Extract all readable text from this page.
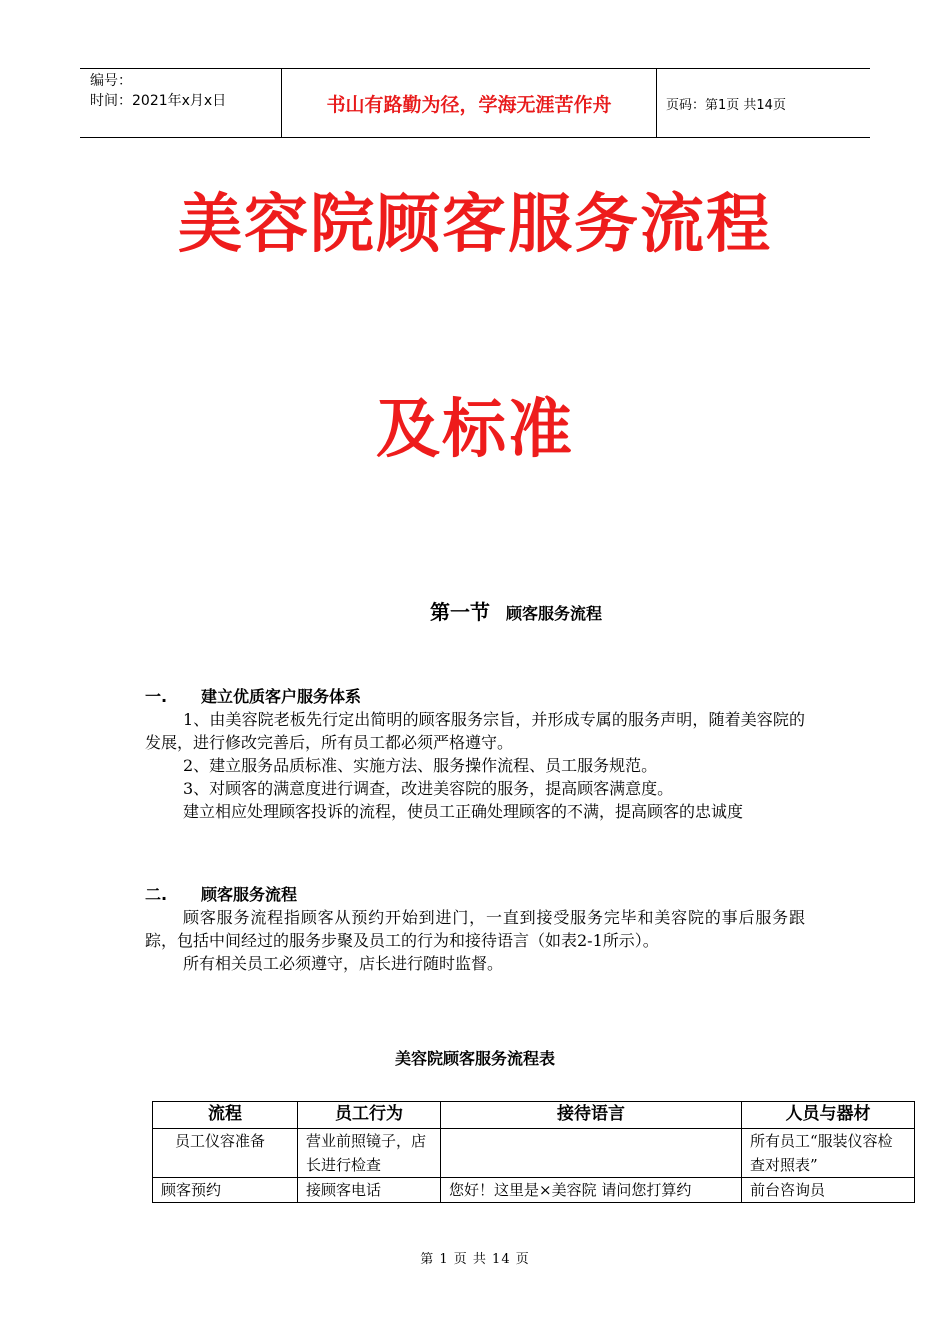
编号：
时间：2021年x月x日	书山有路勤为径，学海无涯苦作舟	页码：第1页 共14页
美容院顾客服务流程
及标准
第一节 顾客服务流程
一. 建立优质客户服务体系

1、由美容院老板先行定出简明的顾客服务宗旨，并形成专属的服务声明，随着美容院的发展，进行修改完善后，所有员工都必须严格遵守。

2、建立服务品质标准、实施方法、服务操作流程、员工服务规范。

3、对顾客的满意度进行调查，改进美容院的服务，提高顾客满意度。

建立相应处理顾客投诉的流程，使员工正确处理顾客的不满，提高顾客的忠诚度

二. 顾客服务流程

顾客服务流程指顾客从预约开始到进门，一直到接受服务完毕和美容院的事后服务跟踪，包括中间经过的服务步聚及员工的行为和接待语言（如表2-1所示）。

所有相关员工必须遵守，店长进行随时监督。

美容院顾客服务流程表
流程	员工行为	接待语言	人员与器材
员工仪容准备	营业前照镜子，店长进行检查		所有员工“服装仪容检查对照表”
顾客预约	接顾客电话	您好！这里是×美容院 请问您打算约	前台咨询员
第 1 页 共 14 页
